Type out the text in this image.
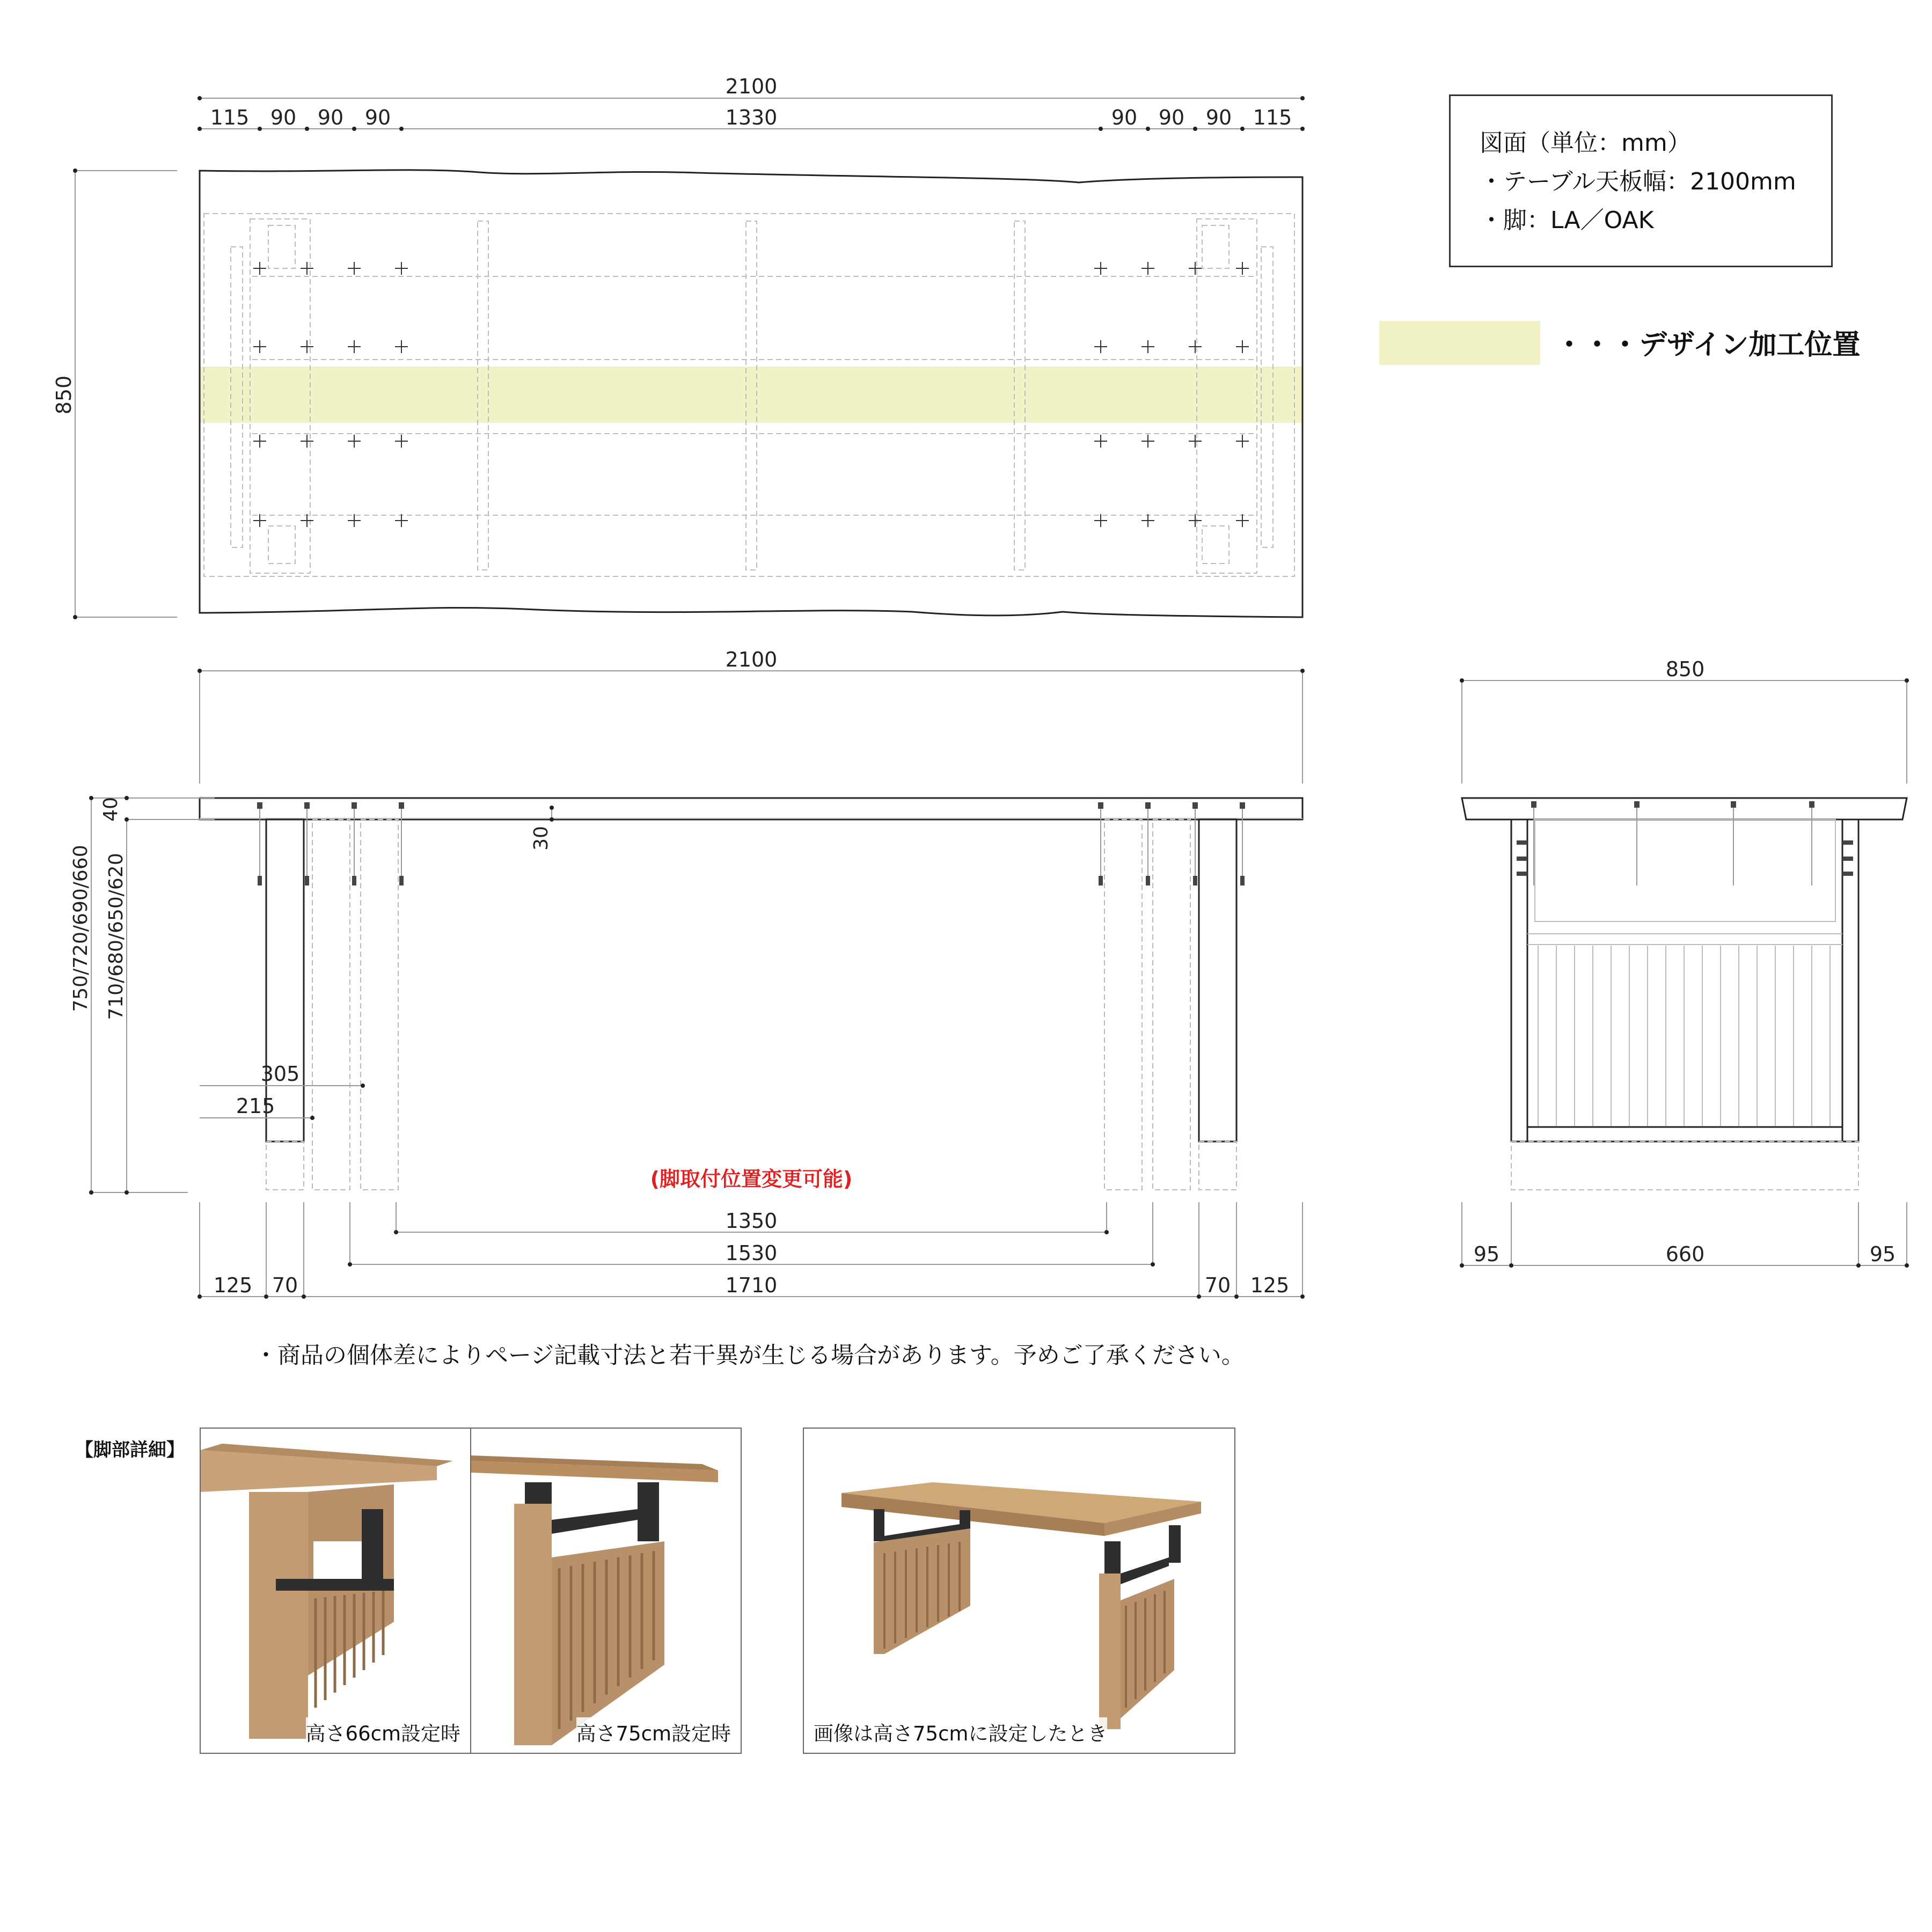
2100
115 90 90 90	1330	90 90 90 115
850
2100
40
750/720/690/660 710/680/650/620
30
305
215
1350
1530
1710
125 70	70 125
850
95	660	95
図面（単位：mm）
・テーブル天板幅：2100mm
・脚：LA／OAK
・・・デザイン加工位置
(脚取付位置変更可能)
・商品の個体差によりページ記載寸法と若干異が生じる場合があります。予めご了承ください。
【脚部詳細】
高さ66cm設定時	高さ75cm設定時	画像は高さ75cmに設定したとき
